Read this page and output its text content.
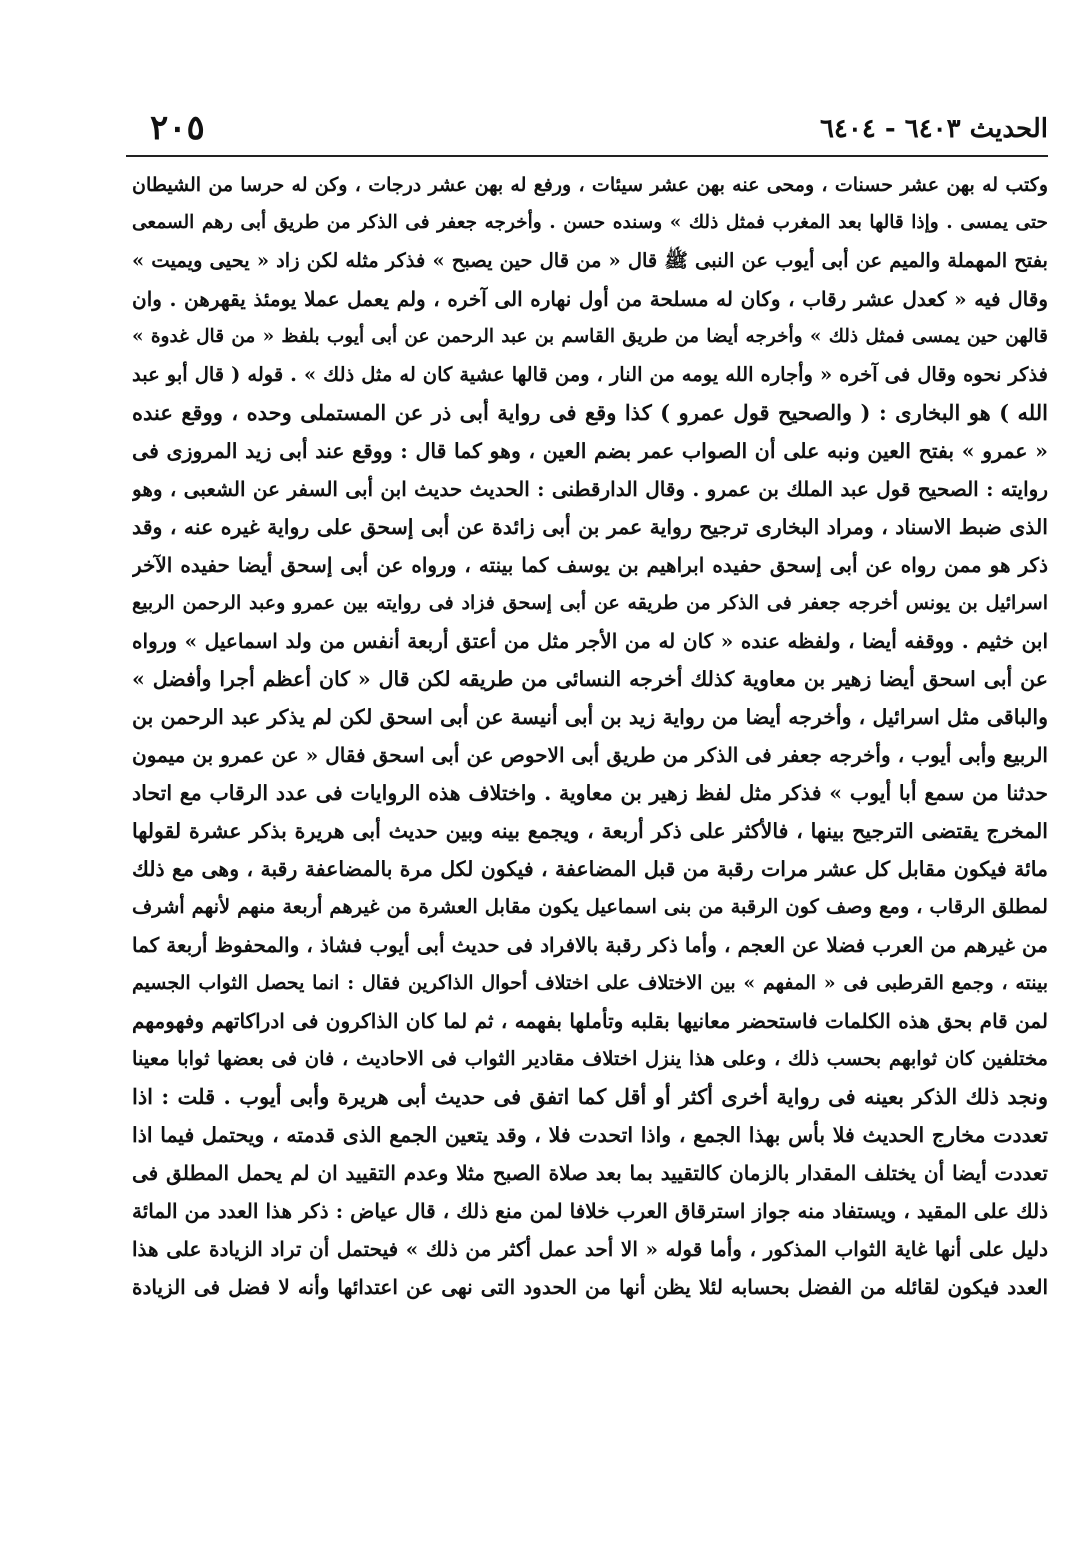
الحديث ٦٤٠٣ - ٦٤٠٤
٢٠٥
وكتب له بهن عشر حسنات ، ومحى عنه بهن عشر سيئات ، ورفع له بهن عشر درجات ، وكن له حرسا من الشيطان
حتى يمسى . وإذا قالها بعد المغرب فمثل ذلك » وسنده حسن . وأخرجه جعفر فى الذكر من طريق أبى رهم السمعى
بفتح المهملة والميم عن أبى أيوب عن النبى ﷺ قال « من قال حين يصبح » فذكر مثله لكن زاد « يحيى ويميت »
وقال فيه « كعدل عشر رقاب ، وكان له مسلحة من أول نهاره الى آخره ، ولم يعمل عملا يومئذ يقهرهن . وان
قالهن حين يمسى فمثل ذلك » وأخرجه أيضا من طريق القاسم بن عبد الرحمن عن أبى أيوب بلفظ « من قال غدوة »
فذكر نحوه وقال فى آخره « وأجاره الله يومه من النار ، ومن قالها عشية كان له مثل ذلك » . قوله ( قال أبو عبد
الله ) هو البخارى : ( والصحيح قول عمرو ) كذا وقع فى رواية أبى ذر عن المستملى وحده ، ووقع عنده
« عمرو » بفتح العين ونبه على أن الصواب عمر بضم العين ، وهو كما قال : ووقع عند أبى زيد المروزى فى
روايته : الصحيح قول عبد الملك بن عمرو . وقال الدارقطنى : الحديث حديث ابن أبى السفر عن الشعبى ، وهو
الذى ضبط الاسناد ، ومراد البخارى ترجيح رواية عمر بن أبى زائدة عن أبى إسحق على رواية غيره عنه ، وقد
ذكر هو ممن رواه عن أبى إسحق حفيده ابراهيم بن يوسف كما بينته ، ورواه عن أبى إسحق أيضا حفيده الآخر
اسرائيل بن يونس أخرجه جعفر فى الذكر من طريقه عن أبى إسحق فزاد فى روايته بين عمرو وعبد الرحمن الربيع
ابن خثيم . ووقفه أيضا ، ولفظه عنده « كان له من الأجر مثل من أعتق أربعة أنفس من ولد اسماعيل » ورواه
عن أبى اسحق أيضا زهير بن معاوية كذلك أخرجه النسائى من طريقه لكن قال « كان أعظم أجرا وأفضل »
والباقى مثل اسرائيل ، وأخرجه أيضا من رواية زيد بن أبى أنيسة عن أبى اسحق لكن لم يذكر عبد الرحمن بن
الربيع وأبى أيوب ، وأخرجه جعفر فى الذكر من طريق أبى الاحوص عن أبى اسحق فقال « عن عمرو بن ميمون
حدثنا من سمع أبا أيوب » فذكر مثل لفظ زهير بن معاوية . واختلاف هذه الروايات فى عدد الرقاب مع اتحاد
المخرج يقتضى الترجيح بينها ، فالأكثر على ذكر أربعة ، ويجمع بينه وبين حديث أبى هريرة بذكر عشرة لقولها
مائة فيكون مقابل كل عشر مرات رقبة من قبل المضاعفة ، فيكون لكل مرة بالمضاعفة رقبة ، وهى مع ذلك
لمطلق الرقاب ، ومع وصف كون الرقبة من بنى اسماعيل يكون مقابل العشرة من غيرهم أربعة منهم لأنهم أشرف
من غيرهم من العرب فضلا عن العجم ، وأما ذكر رقبة بالافراد فى حديث أبى أيوب فشاذ ، والمحفوظ أربعة كما
بينته ، وجمع القرطبى فى « المفهم » بين الاختلاف على اختلاف أحوال الذاكرين فقال : انما يحصل الثواب الجسيم
لمن قام بحق هذه الكلمات فاستحضر معانيها بقلبه وتأملها بفهمه ، ثم لما كان الذاكرون فى ادراكاتهم وفهومهم
مختلفين كان ثوابهم بحسب ذلك ، وعلى هذا ينزل اختلاف مقادير الثواب فى الاحاديث ، فان فى بعضها ثوابا معينا
ونجد ذلك الذكر بعينه فى رواية أخرى أكثر أو أقل كما اتفق فى حديث أبى هريرة وأبى أيوب . قلت : اذا
تعددت مخارج الحديث فلا بأس بهذا الجمع ، واذا اتحدت فلا ، وقد يتعين الجمع الذى قدمته ، ويحتمل فيما اذا
تعددت أيضا أن يختلف المقدار بالزمان كالتقييد بما بعد صلاة الصبح مثلا وعدم التقييد ان لم يحمل المطلق فى
ذلك على المقيد ، ويستفاد منه جواز استرقاق العرب خلافا لمن منع ذلك ، قال عياض : ذكر هذا العدد من المائة
دليل على أنها غاية الثواب المذكور ، وأما قوله « الا أحد عمل أكثر من ذلك » فيحتمل أن تراد الزيادة على هذا
العدد فيكون لقائله من الفضل بحسابه لئلا يظن أنها من الحدود التى نهى عن اعتدائها وأنه لا فضل فى الزيادة
